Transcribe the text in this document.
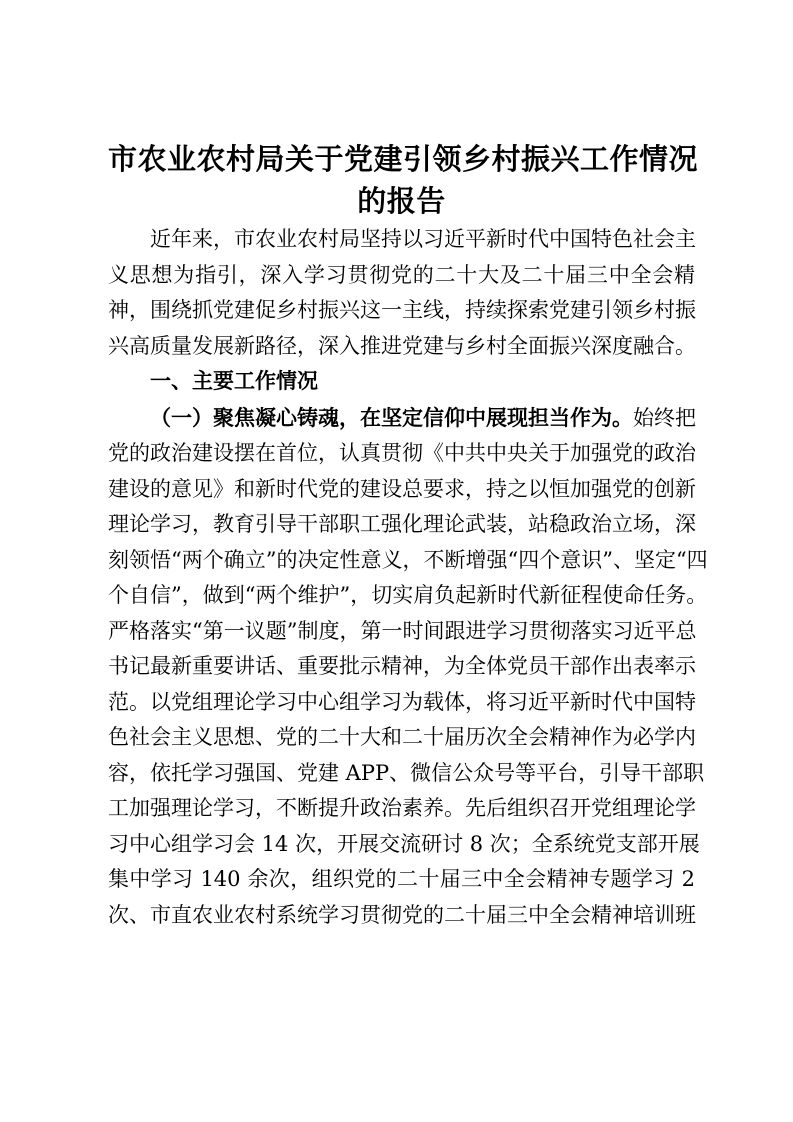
市农业农村局关于党建引领乡村振兴工作情况
的报告
近年来，市农业农村局坚持以习近平新时代中国特色社会主
义思想为指引，深入学习贯彻党的二十大及二十届三中全会精
神，围绕抓党建促乡村振兴这一主线，持续探索党建引领乡村振
兴高质量发展新路径，深入推进党建与乡村全面振兴深度融合。
一、主要工作情况
（一）聚焦凝心铸魂，在坚定信仰中展现担当作为。始终把
党的政治建设摆在首位，认真贯彻《中共中央关于加强党的政治
建设的意见》和新时代党的建设总要求，持之以恒加强党的创新
理论学习，教育引导干部职工强化理论武装，站稳政治立场，深
刻领悟“两个确立”的决定性意义，不断增强“四个意识”、坚定“四
个自信”，做到“两个维护”，切实肩负起新时代新征程使命任务。
严格落实“第一议题”制度，第一时间跟进学习贯彻落实习近平总
书记最新重要讲话、重要批示精神，为全体党员干部作出表率示
范。以党组理论学习中心组学习为载体，将习近平新时代中国特
色社会主义思想、党的二十大和二十届历次全会精神作为必学内
容，依托学习强国、党建 APP、微信公众号等平台，引导干部职
工加强理论学习，不断提升政治素养。先后组织召开党组理论学
习中心组学习会 14 次，开展交流研讨 8 次；全系统党支部开展
集中学习 140 余次，组织党的二十届三中全会精神专题学习 2
次、市直农业农村系统学习贯彻党的二十届三中全会精神培训班
